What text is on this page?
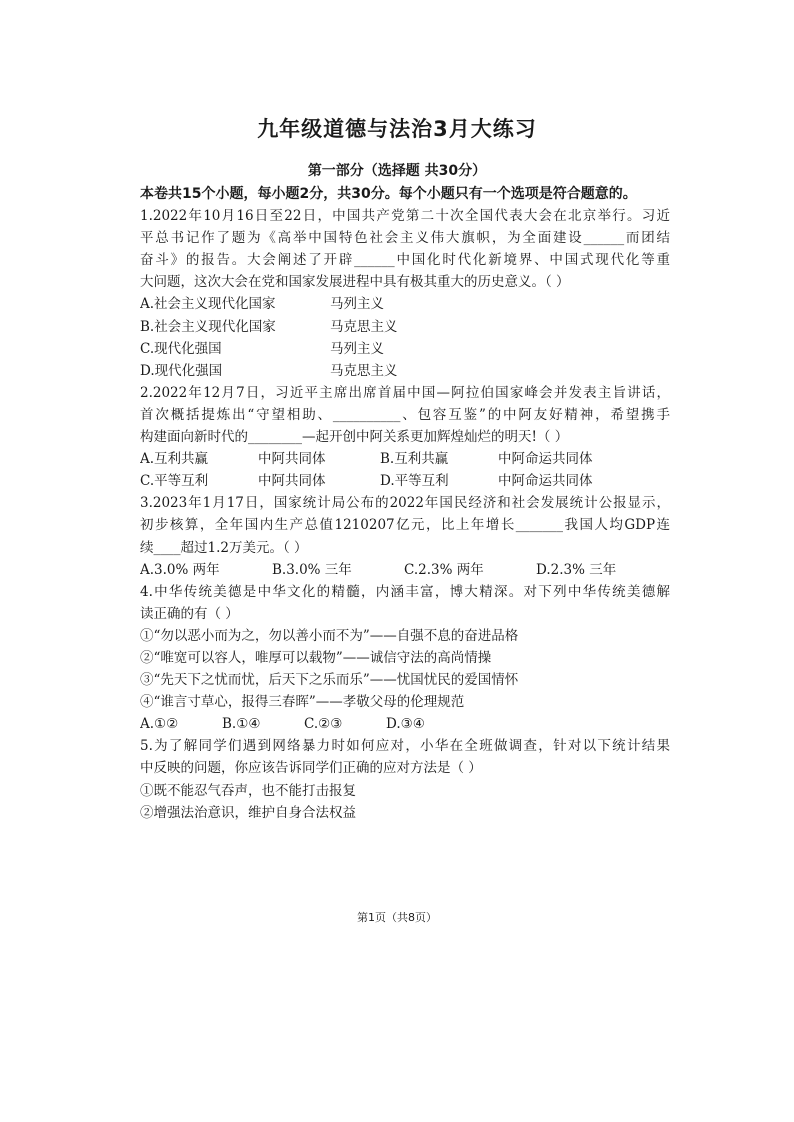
九年级道德与法治3月大练习
第一部分（选择题 共30分）
本卷共15个小题，每小题2分，共30分。每个小题只有一个选项是符合题意的。
1.2022年10月16日至22日，中国共产党第二十次全国代表大会在北京举行。习近
平总书记作了题为《高举中国特色社会主义伟大旗帜，为全面建设______而团结
奋斗》的报告。大会阐述了开辟______中国化时代化新境界、中国式现代化等重
大问题，这次大会在党和国家发展进程中具有极其重大的历史意义。（ ）
A.社会主义现代化国家	马列主义
B.社会主义现代化国家	马克思主义
C.现代化强国	马列主义
D.现代化强国	马克思主义
2.2022年12月7日，习近平主席出席首届中国—阿拉伯国家峰会并发表主旨讲话，
首次概括提炼出“守望相助、__________、包容互鉴”的中阿友好精神，希望携手
构建面向新时代的________—起开创中阿关系更加辉煌灿烂的明天!（ ）
A.互利共赢	中阿共同体	B.互利共赢	中阿命运共同体
C.平等互利	中阿共同体	D.平等互利	中阿命运共同体
3.2023年1月17日，国家统计局公布的2022年国民经济和社会发展统计公报显示，
初步核算，全年国内生产总值1210207亿元，比上年增长_______我国人均GDP连
续____超过1.2万美元。（ ）
A.3.0% 两年	B.3.0% 三年	C.2.3% 两年	D.2.3% 三年
4.中华传统美德是中华文化的精髓，内涵丰富，博大精深。对下列中华传统美德解
读正确的有（ ）
①“勿以恶小而为之，勿以善小而不为”——自强不息的奋进品格
②“唯宽可以容人，唯厚可以载物”——诚信守法的高尚情操
③“先天下之忧而忧，后天下之乐而乐”——忧国忧民的爱国情怀
④“谁言寸草心，报得三春晖”——孝敬父母的伦理规范
A.①②	B.①④	C.②③	D.③④
5.为了解同学们遇到网络暴力时如何应对，小华在全班做调查，针对以下统计结果
中反映的问题，你应该告诉同学们正确的应对方法是（ ）
①既不能忍气吞声，也不能打击报复
②增强法治意识，维护自身合法权益
第1页（共8页）
